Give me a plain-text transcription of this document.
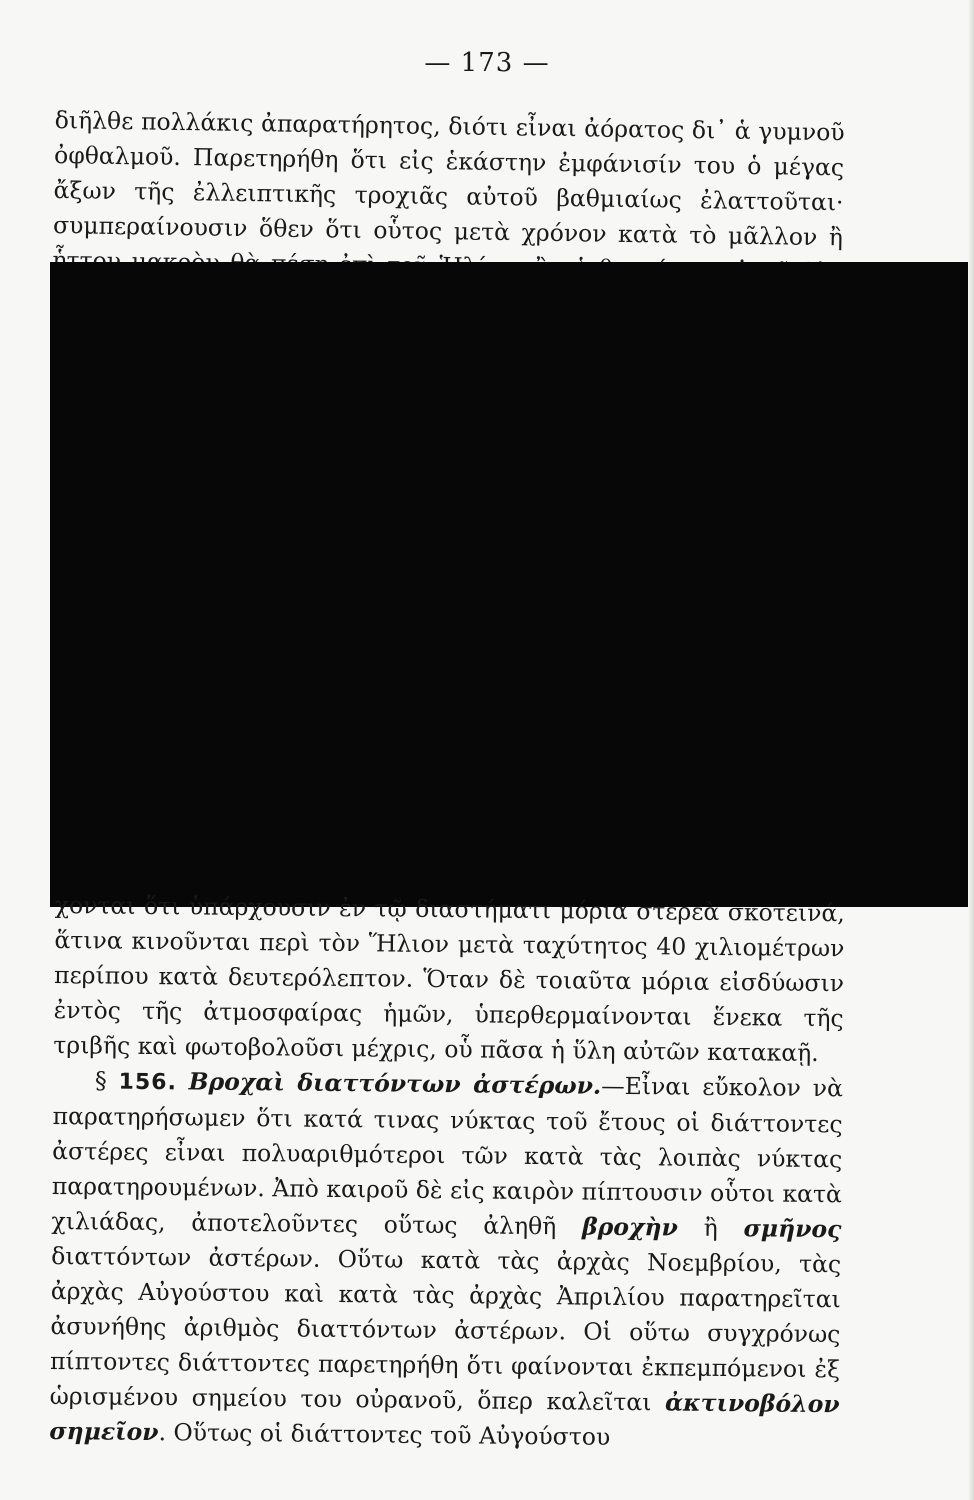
— 173 —

διῆλθε πολλάκις ἀπαρατήρητος, διότι εἶναι ἀόρατος δι᾽ ἁ γυμνοῦ ὀφθαλμοῦ. Παρετηρήθη ὅτι εἰς ἑκάστην ἐμφάνισίν του ὁ μέγας ἄξων τῆς ἐλλειπτικῆς τροχιᾶς αὐτοῦ βαθμιαίως ἐλαττοῦται· συμπεραίνουσιν ὅθεν ὅτι οὗτος μετὰ χρόνον κατὰ τὸ μᾶλλον ἢ ἧττον

χονται ὅτι ὑπάρχουσιν ἐν τῷ διαστήματι μόρια στερεὰ σκοτεινά, ἅτινα κινοῦνται περὶ τὸν Ἥλιον μετὰ ταχύτητος 40 χιλιομέτρων περίπου κατὰ δευτερόλεπτον. Ὅταν δὲ τοιαῦτα μόρια εἰσδύωσιν ἐντὸς τῆς ἀτμοσφαίρας ἡμῶν, ὑπερθερμαίνονται ἕνεκα τῆς τριβῆς καὶ φωτοβολοῦσι μέχρις, οὗ πᾶσα ἡ ὕλη αὐτῶν κατακαῇ.

§ 156. Βροχαὶ διαττόντων ἀστέρων.—Εἶναι εὔκολον νὰ παρατηρήσωμεν ὅτι κατά τινας νύκτας τοῦ ἔτους οἱ διάττοντες ἀστέρες εἶναι πολυαριθμότεροι τῶν κατὰ τὰς λοιπὰς νύκτας παρατηρουμένων. Ἀπὸ καιροῦ δὲ εἰς καιρὸν πίπτουσιν οὗτοι κατὰ χιλιάδας, ἀποτελοῦντες οὕτως ἀληθῆ βροχὴν ἢ σμῆνος διαττόντων ἀστέρων. Οὕτω κατὰ τὰς ἀρχὰς Νοεμβρίου, τὰς ἀρχὰς Αὐγούστου καὶ κατὰ τὰς ἀρχὰς Ἀπριλίου παρατηρεῖται ἀσυνήθης ἀριθμὸς διαττόντων ἀστέρων. Οἱ οὕτω συγχρόνως πίπτοντες διάττοντες παρετηρήθη ὅτι φαίνονται ἐκπεμπόμενοι ἐξ ὡρισμένου σημείου του οὐρανοῦ, ὅπερ καλεῖται ἀκτινοβόλον σημεῖον. Οὕτως οἱ διάττοντες τοῦ Αὐγούστου
